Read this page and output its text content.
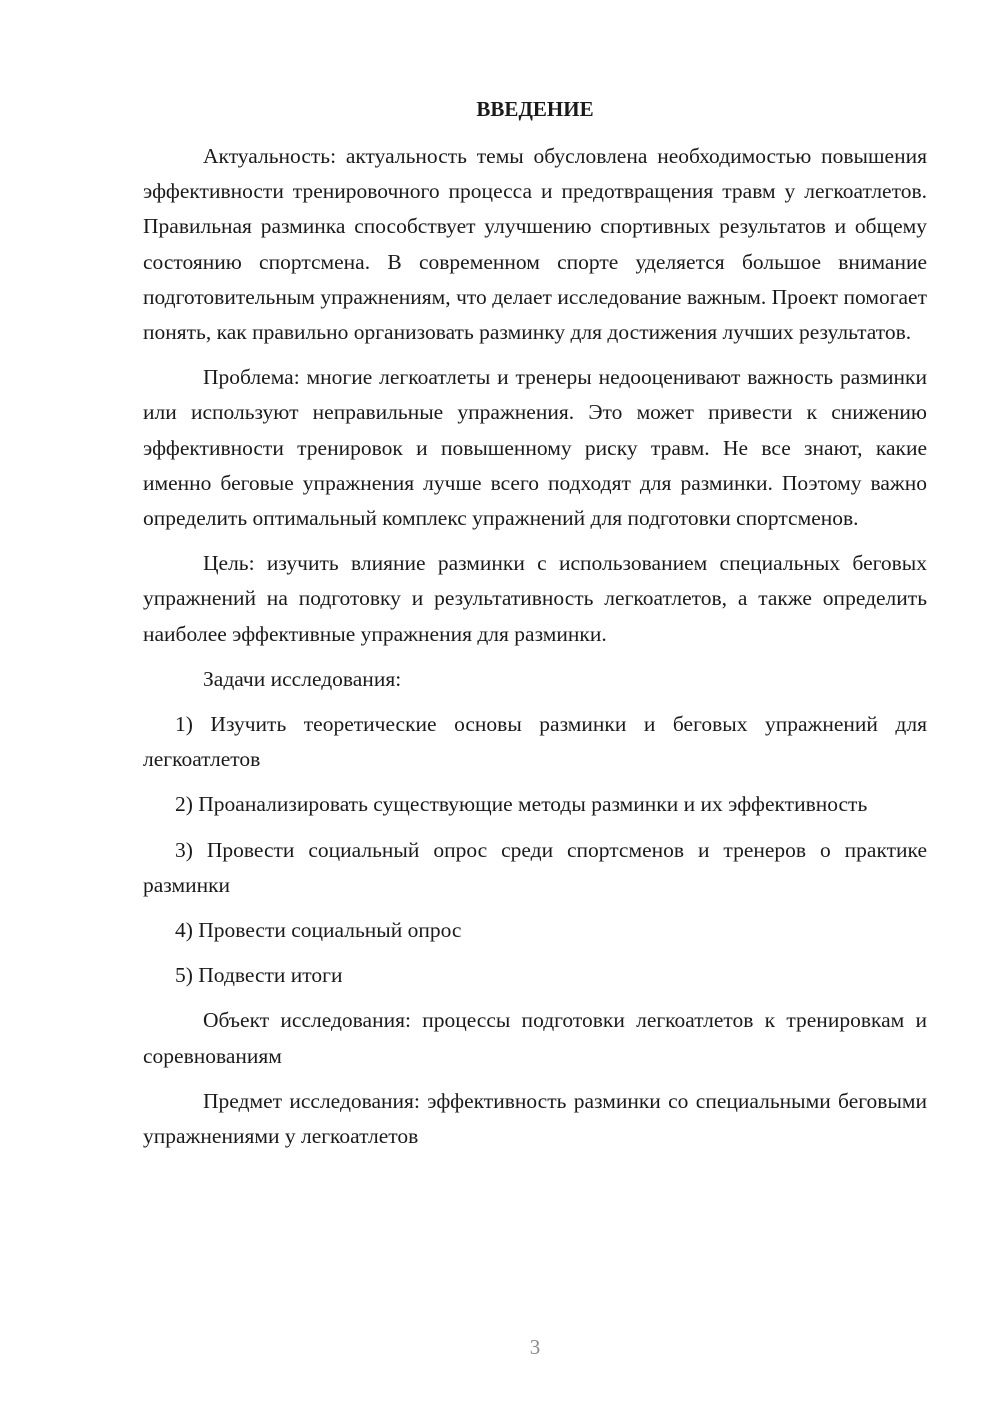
ВВЕДЕНИЕ
Актуальность: актуальность темы обусловлена необходимостью повышения эффективности тренировочного процесса и предотвращения травм у легкоатлетов. Правильная разминка способствует улучшению спортивных результатов и общему состоянию спортсмена. В современном спорте уделяется большое внимание подготовительным упражнениям, что делает исследование важным. Проект помогает понять, как правильно организовать разминку для достижения лучших результатов.
Проблема: многие легкоатлеты и тренеры недооценивают важность разминки или используют неправильные упражнения. Это может привести к снижению эффективности тренировок и повышенному риску травм. Не все знают, какие именно беговые упражнения лучше всего подходят для разминки. Поэтому важно определить оптимальный комплекс упражнений для подготовки спортсменов.
Цель: изучить влияние разминки с использованием специальных беговых упражнений на подготовку и результативность легкоатлетов, а также определить наиболее эффективные упражнения для разминки.
Задачи исследования:
1) Изучить теоретические основы разминки и беговых упражнений для легкоатлетов
2) Проанализировать существующие методы разминки и их эффективность
3) Провести социальный опрос среди спортсменов и тренеров о практике разминки
4) Провести социальный опрос
5) Подвести итоги
Объект исследования: процессы подготовки легкоатлетов к тренировкам и соревнованиям
Предмет исследования: эффективность разминки со специальными беговыми упражнениями у легкоатлетов
3
